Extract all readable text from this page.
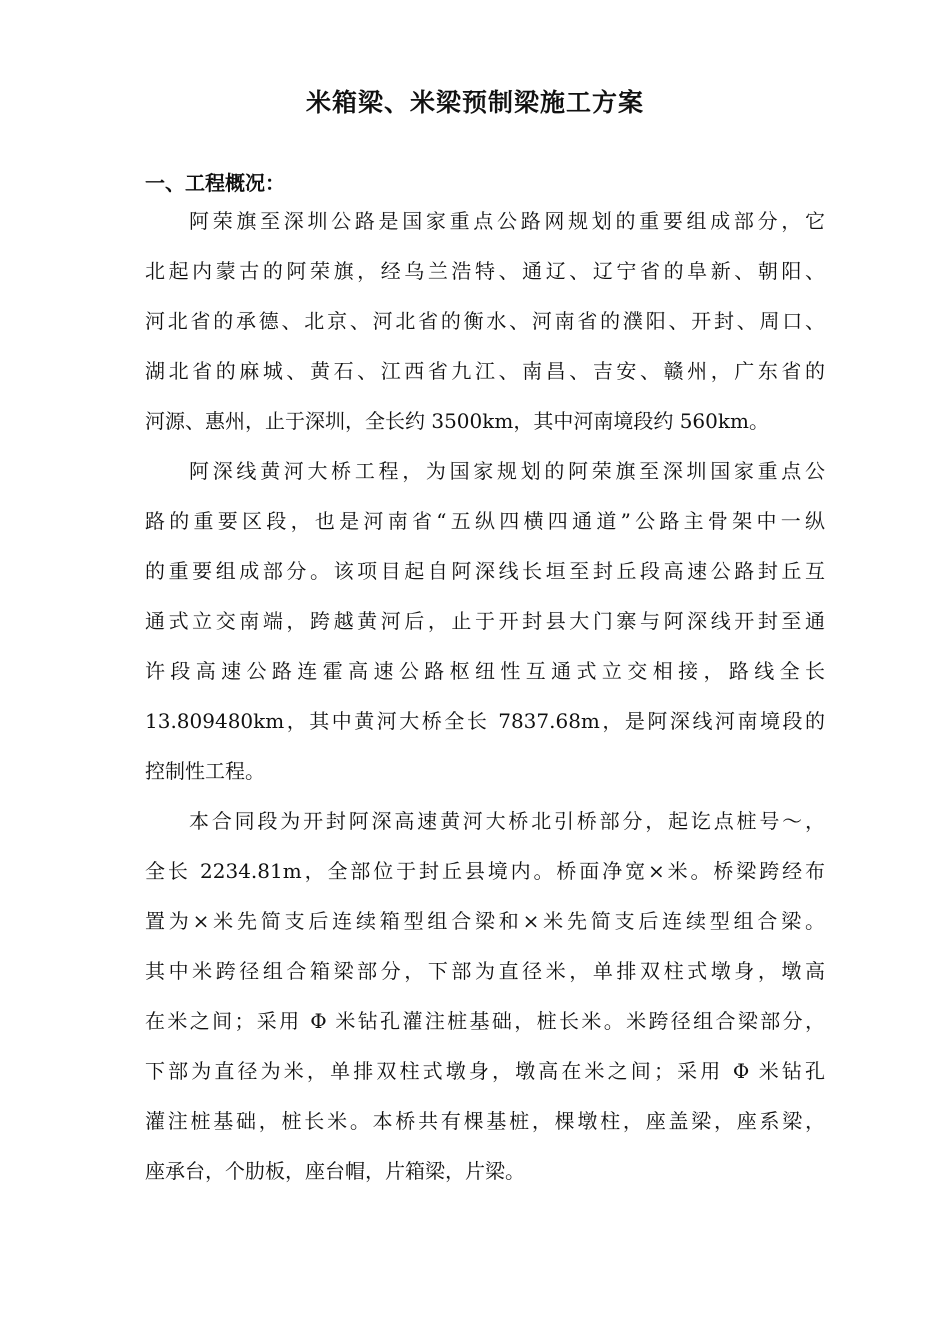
米箱梁、米梁预制梁施工方案
一、工程概况：
阿荣旗至深圳公路是国家重点公路网规划的重要组成部分，它
北起内蒙古的阿荣旗，经乌兰浩特、通辽、辽宁省的阜新、朝阳、
河北省的承德、北京、河北省的衡水、河南省的濮阳、开封、周口、
湖北省的麻城、黄石、江西省九江、南昌、吉安、赣州，广东省的
河源、惠州，止于深圳，全长约 3500km，其中河南境段约 560km。
阿深线黄河大桥工程，为国家规划的阿荣旗至深圳国家重点公
路的重要区段，也是河南省“五纵四横四通道”公路主骨架中一纵
的重要组成部分。该项目起自阿深线长垣至封丘段高速公路封丘互
通式立交南端，跨越黄河后，止于开封县大门寨与阿深线开封至通
许段高速公路连霍高速公路枢纽性互通式立交相接，路线全长
13.809480km，其中黄河大桥全长 7837.68m，是阿深线河南境段的
控制性工程。
本合同段为开封阿深高速黄河大桥北引桥部分，起讫点桩号～，
全长 2234.81m，全部位于封丘县境内。桥面净宽×米。桥梁跨经布
置为×米先简支后连续箱型组合梁和×米先简支后连续型组合梁。
其中米跨径组合箱梁部分，下部为直径米，单排双柱式墩身，墩高
在米之间；采用 Φ 米钻孔灌注桩基础，桩长米。米跨径组合梁部分，
下部为直径为米，单排双柱式墩身，墩高在米之间；采用 Φ 米钻孔
灌注桩基础，桩长米。本桥共有棵基桩，棵墩柱，座盖梁，座系梁，
座承台，个肋板，座台帽，片箱梁，片梁。
